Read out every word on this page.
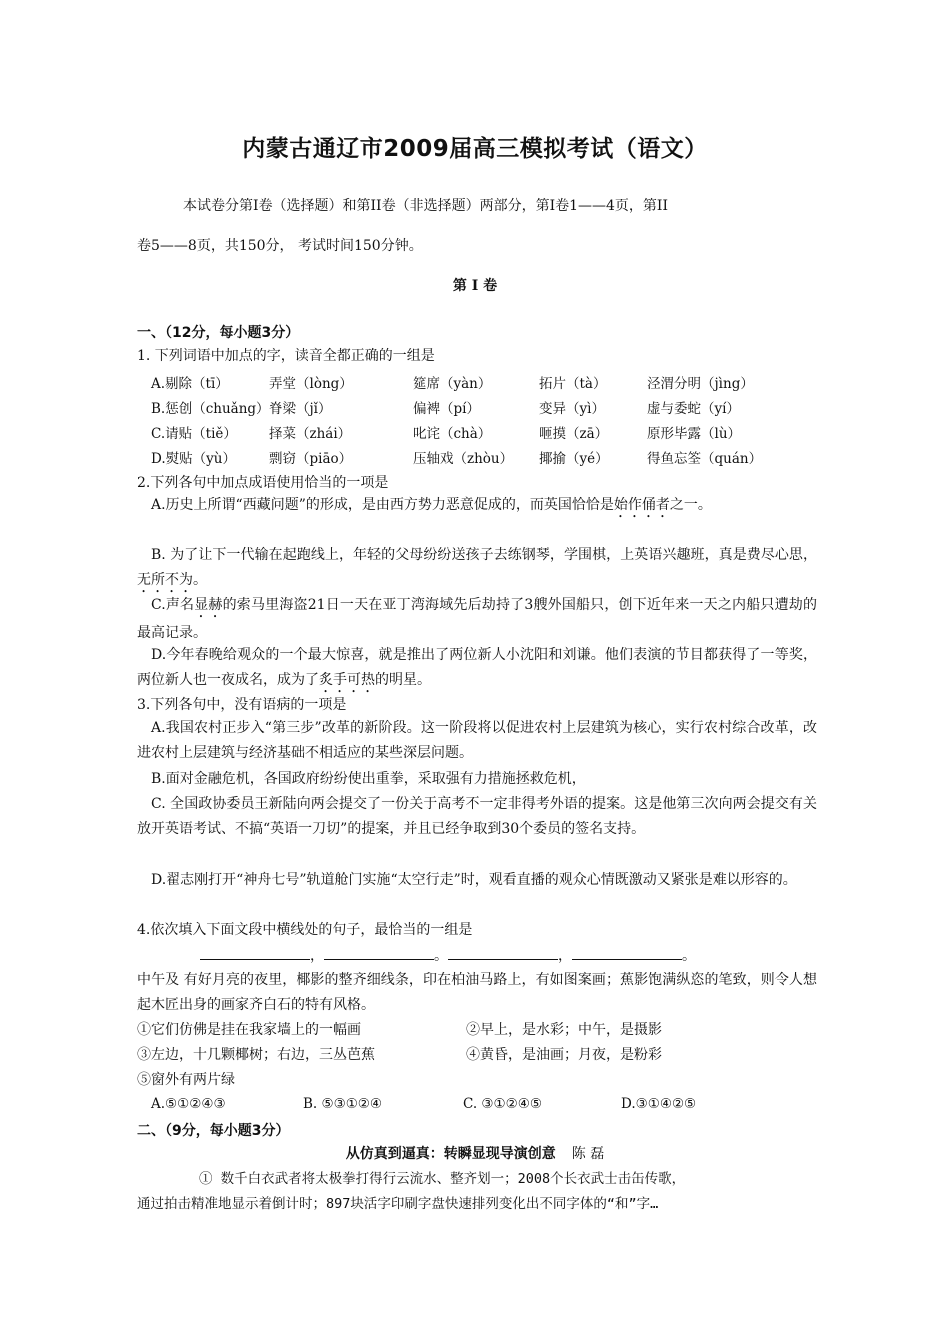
内蒙古通辽市2009届高三模拟考试（语文）
本试卷分第Ⅰ卷（选择题）和第II卷（非选择题）两部分，第Ⅰ卷1——4页，第II
卷5——8页，共150分， 考试时间150分钟。
第 Ⅰ 卷
一、（12分，每小题3分）
1. 下列词语中加点的字，读音全都正确的一组是
A.剔除（tī）	弄堂（lòng）	筵席（yàn）	拓片（tà）	泾渭分明（jìng）
B.惩创（chuǎng） 脊梁（jǐ）	偏裨（pí）	变异（yì）	虚与委蛇（yí）
C.请贴（tiě） 择菜（zhái）	叱诧（chà）	咂摸（zā）	原形毕露（lù）
D.熨贴（yù） 剽窃（piāo）	压轴戏（zhòu） 揶揄（yé）	得鱼忘筌（quán）
2.下列各句中加点成语使用恰当的一项是
A.历史上所谓“西藏问题”的形成，是由西方势力恶意促成的，而英国恰恰是始作俑者之一。
B. 为了让下一代输在起跑线上，年轻的父母纷纷送孩子去练钢琴，学围棋，上英语兴趣班，真是费尽心思，无所不为。
C.声名显赫的索马里海盗21日一天在亚丁湾海域先后劫持了3艘外国船只，创下近年来一天之内船只遭劫的最高记录。
D.今年春晚给观众的一个最大惊喜，就是推出了两位新人小沈阳和刘谦。他们表演的节目都获得了一等奖，两位新人也一夜成名，成为了炙手可热的明星。
3.下列各句中，没有语病的一项是
A.我国农村正步入“第三步”改革的新阶段。这一阶段将以促进农村上层建筑为核心，实行农村综合改革，改进农村上层建筑与经济基础不相适应的某些深层问题。
B.面对金融危机，各国政府纷纷使出重拳，采取强有力措施拯救危机，
C. 全国政协委员王新陆向两会提交了一份关于高考不一定非得考外语的提案。这是他第三次向两会提交有关放开英语考试、不搞“英语一刀切”的提案，并且已经争取到30个委员的签名支持。
D.翟志刚打开“神舟七号”轨道舱门实施“太空行走”时，观看直播的观众心情既激动又紧张是难以形容的。
4.依次填入下面文段中横线处的句子，最恰当的一组是
，	。	，	。
中午及 有好月亮的夜里，椰影的整齐细线条，印在柏油马路上，有如图案画；蕉影饱满纵恣的笔致，则令人想起木匠出身的画家齐白石的特有风格。
①它们仿佛是挂在我家墙上的一幅画	②早上，是水彩；中午，是摄影
③左边，十几颗椰树；右边，三丛芭蕉	④黄昏，是油画；月夜，是粉彩
⑤窗外有两片绿
A.⑤①②④③	B. ⑤③①②④	C. ③①②④⑤	D.③①④②⑤
二、（9分，每小题3分）
从仿真到逼真：转瞬显现导演创意 陈 磊
① 数千白衣武者将太极拳打得行云流水、整齐划一；2008个长衣武士击缶传歌，
通过拍击精准地显示着倒计时；897块活字印刷字盘快速排列变化出不同字体的“和”字…
